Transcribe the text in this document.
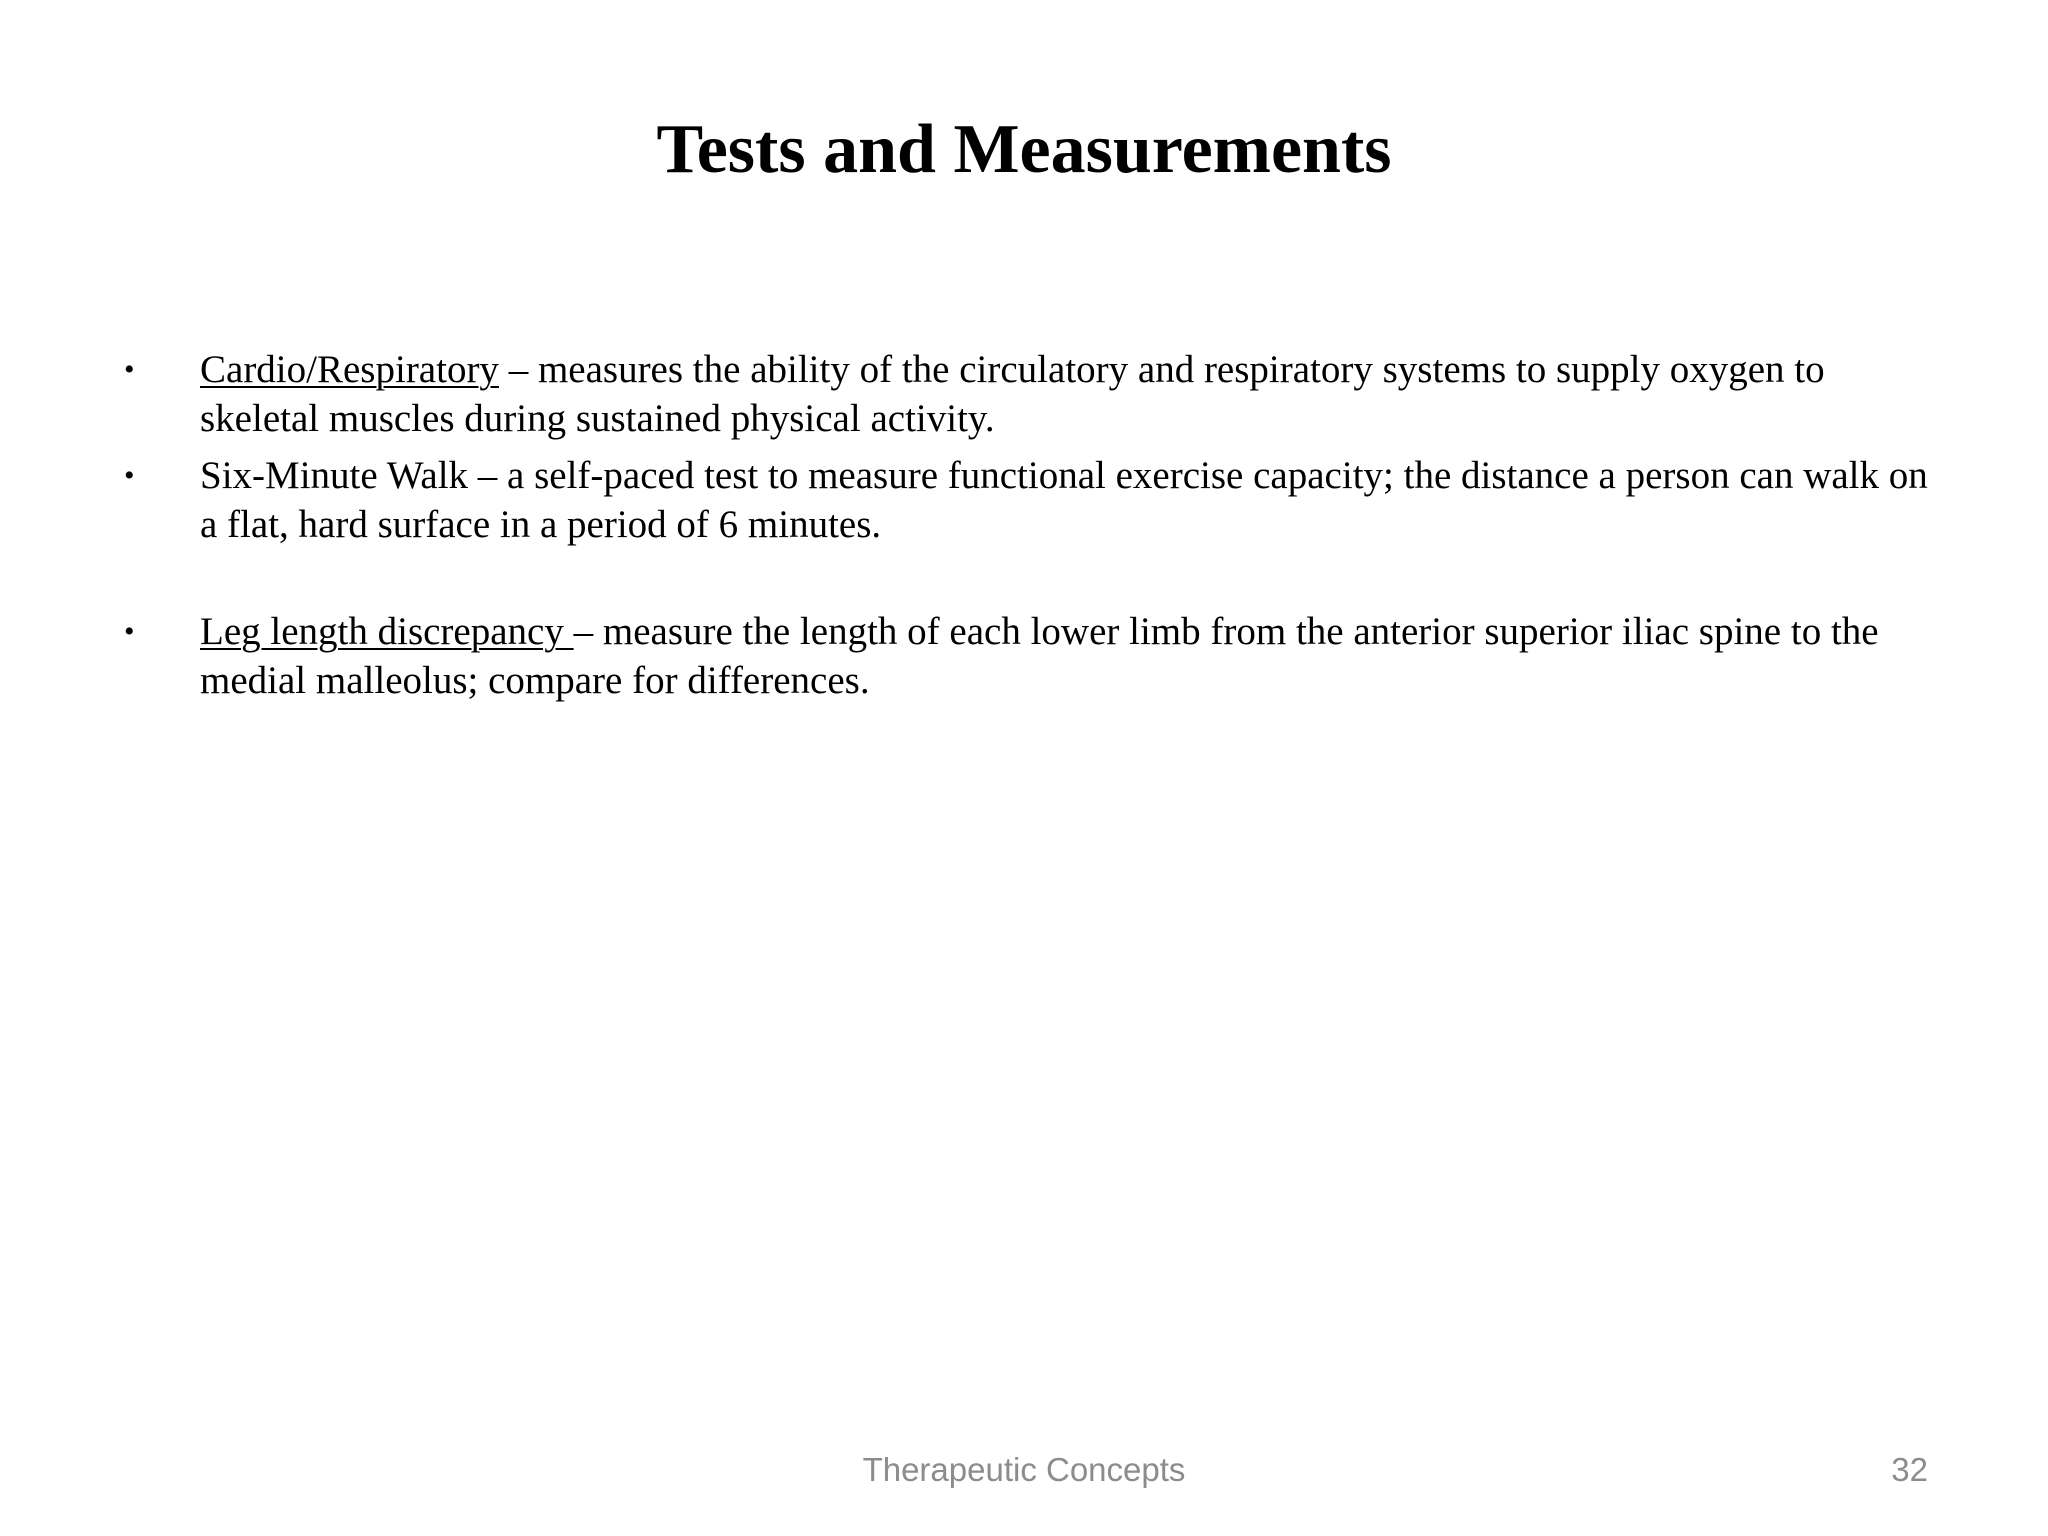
Tests and Measurements
• Cardio/Respiratory – measures the ability of the circulatory and respiratory systems to supply oxygen to skeletal muscles during sustained physical activity.
• Six-Minute Walk – a self-paced test to measure functional exercise capacity; the distance a person can walk on a flat, hard surface in a period of 6 minutes.
• Leg length discrepancy – measure the length of each lower limb from the anterior superior iliac spine to the medial malleolus; compare for differences.
Therapeutic Concepts	32
